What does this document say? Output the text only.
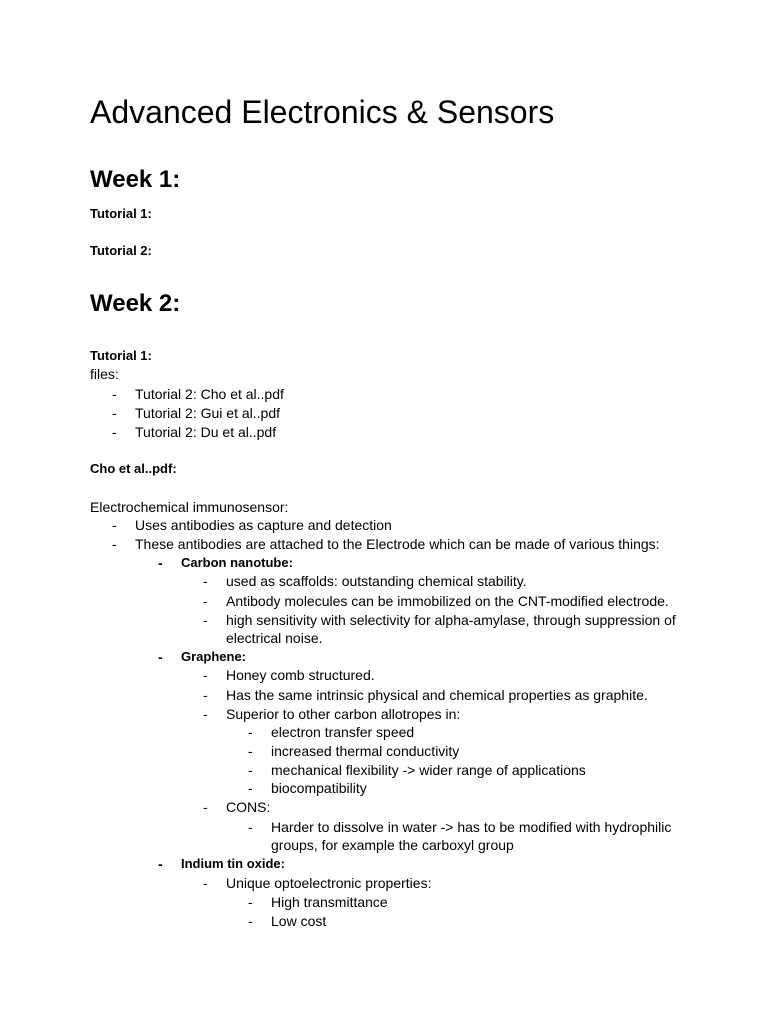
Advanced Electronics & Sensors
Week 1:
Tutorial 1:
Tutorial 2:
Week 2:
Tutorial 1:
files:
- Tutorial 2: Cho et al..pdf
- Tutorial 2: Gui et al..pdf
- Tutorial 2: Du et al..pdf
Cho et al..pdf:
Electrochemical immunosensor:
- Uses antibodies as capture and detection
- These antibodies are attached to the Electrode which can be made of various things:
- Carbon nanotube:
- used as scaffolds: outstanding chemical stability.
- Antibody molecules can be immobilized on the CNT-modified electrode.
- high sensitivity with selectivity for alpha-amylase, through suppression of
electrical noise.
- Graphene:
- Honey comb structured.
- Has the same intrinsic physical and chemical properties as graphite.
- Superior to other carbon allotropes in:
- electron transfer speed
- increased thermal conductivity
- mechanical flexibility -> wider range of applications
- biocompatibility
- CONS:
- Harder to dissolve in water -> has to be modified with hydrophilic
groups, for example the carboxyl group
- Indium tin oxide:
- Unique optoelectronic properties:
- High transmittance
- Low cost
